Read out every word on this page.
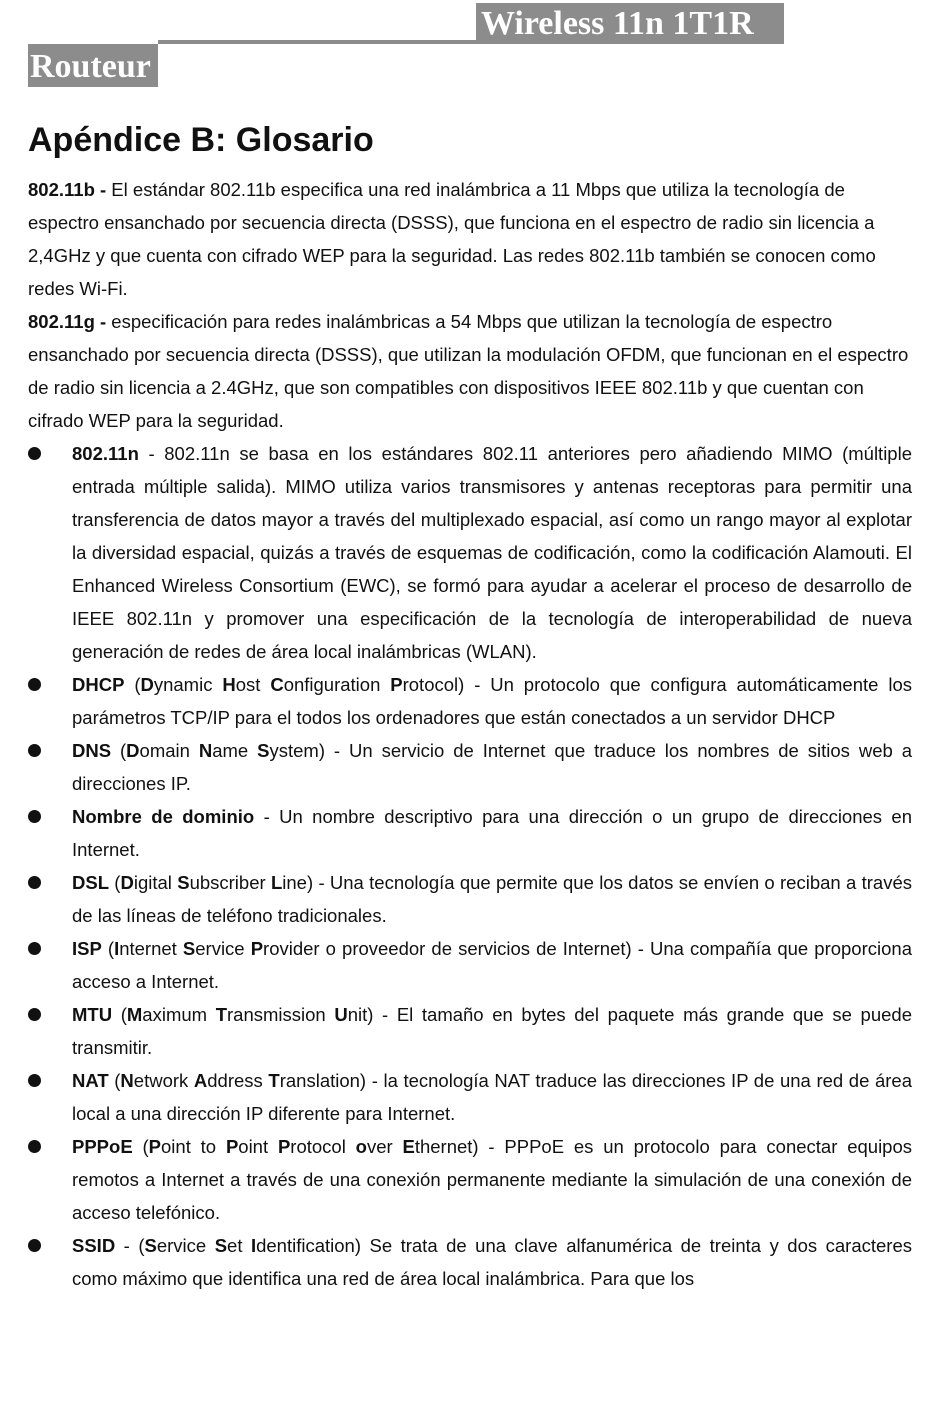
Wireless 11n 1T1R
Routeur
Apéndice B: Glosario

802.11b - El estándar 802.11b especifica una red inalámbrica a 11 Mbps que utiliza la tecnología de espectro ensanchado por secuencia directa (DSSS), que funciona en el espectro de radio sin licencia a 2,4GHz y que cuenta con cifrado WEP para la seguridad. Las redes 802.11b también se conocen como redes Wi-Fi.

802.11g - especificación para redes inalámbricas a 54 Mbps que utilizan la tecnología de espectro ensanchado por secuencia directa (DSSS), que utilizan la modulación OFDM, que funcionan en el espectro de radio sin licencia a 2.4GHz, que son compatibles con dispositivos IEEE 802.11b y que cuentan con cifrado WEP para la seguridad.

802.11n - 802.11n se basa en los estándares 802.11 anteriores pero añadiendo MIMO (múltiple entrada múltiple salida). MIMO utiliza varios transmisores y antenas receptoras para permitir una transferencia de datos mayor a través del multiplexado espacial, así como un rango mayor al explotar la diversidad espacial, quizás a través de esquemas de codificación, como la codificación Alamouti. El Enhanced Wireless Consortium (EWC), se formó para ayudar a acelerar el proceso de desarrollo de IEEE 802.11n y promover una especificación de la tecnología de interoperabilidad de nueva generación de redes de área local inalámbricas (WLAN).
DHCP (Dynamic Host Configuration Protocol) - Un protocolo que configura automáticamente los parámetros TCP/IP para el todos los ordenadores que están conectados a un servidor DHCP
DNS (Domain Name System) - Un servicio de Internet que traduce los nombres de sitios web a direcciones IP.
Nombre de dominio - Un nombre descriptivo para una dirección o un grupo de direcciones en Internet.
DSL (Digital Subscriber Line) - Una tecnología que permite que los datos se envíen o reciban a través de las líneas de teléfono tradicionales.
ISP (Internet Service Provider o proveedor de servicios de Internet) - Una compañía que proporciona acceso a Internet.
MTU (Maximum Transmission Unit) - El tamaño en bytes del paquete más grande que se puede transmitir.
NAT (Network Address Translation) - la tecnología NAT traduce las direcciones IP de una red de área local a una dirección IP diferente para Internet.
PPPoE (Point to Point Protocol over Ethernet) - PPPoE es un protocolo para conectar equipos remotos a Internet a través de una conexión permanente mediante la simulación de una conexión de acceso telefónico.
SSID - (Service Set Identification) Se trata de una clave alfanumérica de treinta y dos caracteres como máximo que identifica una red de área local inalámbrica. Para que los
